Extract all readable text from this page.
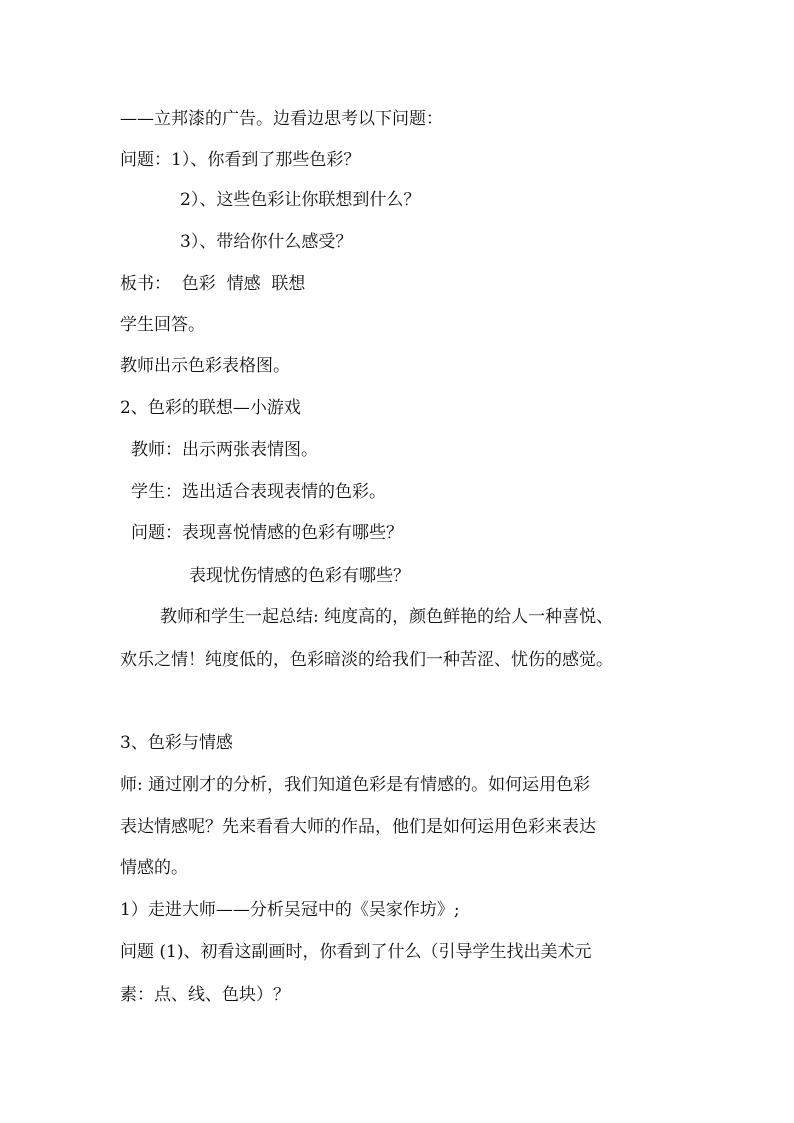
——立邦漆的广告。边看边思考以下问题：
问题：1）、你看到了那些色彩？
2）、这些色彩让你联想到什么？
3）、带给你什么感受？
板书：  色彩  情感  联想
学生回答。
教师出示色彩表格图。
2、色彩的联想—小游戏
教师：出示两张表情图。
学生：选出适合表现表情的色彩。
问题：表现喜悦情感的色彩有哪些？
表现忧伤情感的色彩有哪些？
教师和学生一起总结: 纯度高的，颜色鲜艳的给人一种喜悦、
欢乐之情！纯度低的，色彩暗淡的给我们一种苦涩、忧伤的感觉。
3、色彩与情感
师: 通过刚才的分析，我们知道色彩是有情感的。如何运用色彩
表达情感呢？先来看看大师的作品，他们是如何运用色彩来表达
情感的。
1）走进大师——分析吴冠中的《吴家作坊》;
问题 (1)、初看这副画时，你看到了什么（引导学生找出美术元
素：点、线、色块）？
